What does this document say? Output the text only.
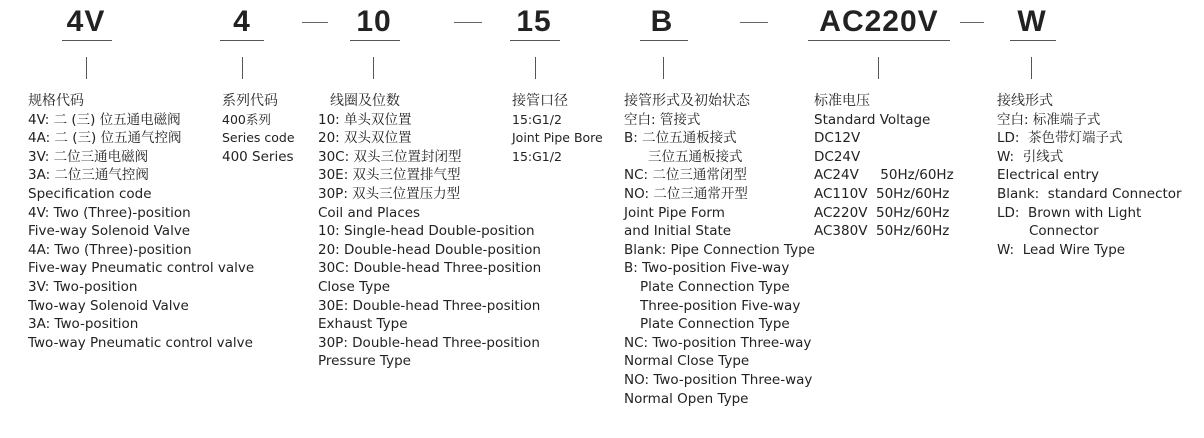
4V	4	10	15	B	AC220V	W
规格代码
4V: 二 (三) 位五通电磁阀
4A: 二 (三) 位五通气控阀
3V: 二位三通电磁阀
3A: 二位三通气控阀
Specification code
4V: Two (Three)-position
Five-way Solenoid Valve
4A: Two (Three)-position
Five-way Pneumatic control valve
3V: Two-position
Two-way Solenoid Valve
3A: Two-position
Two-way Pneumatic control valve
系列代码
400系列
Series code
400 Series
线圈及位数
10: 单头双位置
20: 双头双位置
30C: 双头三位置封闭型
30E: 双头三位置排气型
30P: 双头三位置压力型
Coil and Places
10: Single-head Double-position
20: Double-head Double-position
30C: Double-head Three-position
Close Type
30E: Double-head Three-position
Exhaust Type
30P: Double-head Three-position
Pressure Type
接管口径
15:G1/2
Joint Pipe Bore
15:G1/2
接管形式及初始状态
空白: 管接式
B: 二位五通板接式
三位五通板接式
NC: 二位三通常闭型
NO: 二位三通常开型
Joint Pipe Form
and Initial State
Blank: Pipe Connection Type
B: Two-position Five-way
Plate Connection Type
Three-position Five-way
Plate Connection Type
NC: Two-position Three-way
Normal Close Type
NO: Two-position Three-way
Normal Open Type
标准电压
Standard Voltage
DC12V
DC24V
AC24V     50Hz/60Hz
AC110V  50Hz/60Hz
AC220V  50Hz/60Hz
AC380V  50Hz/60Hz
接线形式
空白: 标准端子式
LD:  茶色带灯端子式
W:  引线式
Electrical entry
Blank:  standard Connector
LD:  Brown with Light
Connector
W:  Lead Wire Type
